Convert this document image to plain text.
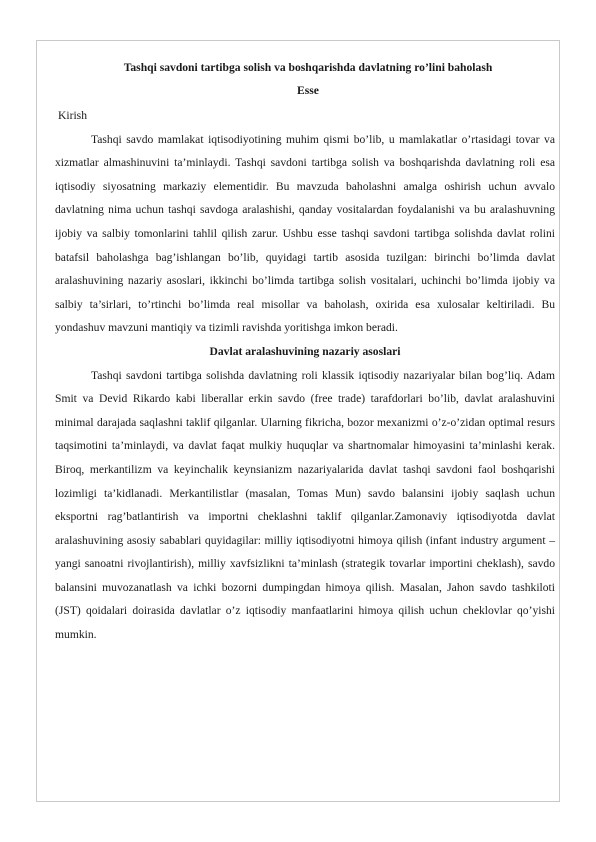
Tashqi savdoni tartibga solish va boshqarishda davlatning ro’lini baholash
Esse

Kirish

Tashqi savdo mamlakat iqtisodiyotining muhim qismi bo’lib, u mamlakatlar o’rtasidagi tovar va xizmatlar almashinuvini ta’minlaydi. Tashqi savdoni tartibga solish va boshqarishda davlatning roli esa iqtisodiy siyosatning markaziy elementidir. Bu mavzuda baholashni amalga oshirish uchun avvalo davlatning nima uchun tashqi savdoga aralashishi, qanday vositalardan foydalanishi va bu aralashuvning ijobiy va salbiy tomonlarini tahlil qilish zarur. Ushbu esse tashqi savdoni tartibga solishda davlat rolini batafsil baholashga bag’ishlangan bo’lib, quyidagi tartib asosida tuzilgan: birinchi bo’limda davlat aralashuvining nazariy asoslari, ikkinchi bo’limda tartibga solish vositalari, uchinchi bo’limda ijobiy va salbiy ta’sirlari, to’rtinchi bo’limda real misollar va baholash, oxirida esa xulosalar keltiriladi. Bu yondashuv mavzuni mantiqiy va tizimli ravishda yoritishga imkon beradi.

Davlat aralashuvining nazariy asoslari

Tashqi savdoni tartibga solishda davlatning roli klassik iqtisodiy nazariyalar bilan bog’liq. Adam Smit va Devid Rikardo kabi liberallar erkin savdo (free trade) tarafdorlari bo’lib, davlat aralashuvini minimal darajada saqlashni taklif qilganlar. Ularning fikricha, bozor mexanizmi o’z-o’zidan optimal resurs taqsimotini ta’minlaydi, va davlat faqat mulkiy huquqlar va shartnomalar himoyasini ta’minlashi kerak. Biroq, merkantilizm va keyinchalik keynsianizm nazariyalarida davlat tashqi savdoni faol boshqarishi lozimligi ta’kidlanadi. Merkantilistlar (masalan, Tomas Mun) savdo balansini ijobiy saqlash uchun eksportni rag’batlantirish va importni cheklashni taklif qilganlar.Zamonaviy iqtisodiyotda davlat aralashuvining asosiy sabablari quyidagilar: milliy iqtisodiyotni himoya qilish (infant industry argument – yangi sanoatni rivojlantirish), milliy xavfsizlikni ta’minlash (strategik tovarlar importini cheklash), savdo balansini muvozanatlash va ichki bozorni dumpingdan himoya qilish. Masalan, Jahon savdo tashkiloti (JST) qoidalari doirasida davlatlar o’z iqtisodiy manfaatlarini himoya qilish uchun cheklovlar qo’yishi mumkin.
